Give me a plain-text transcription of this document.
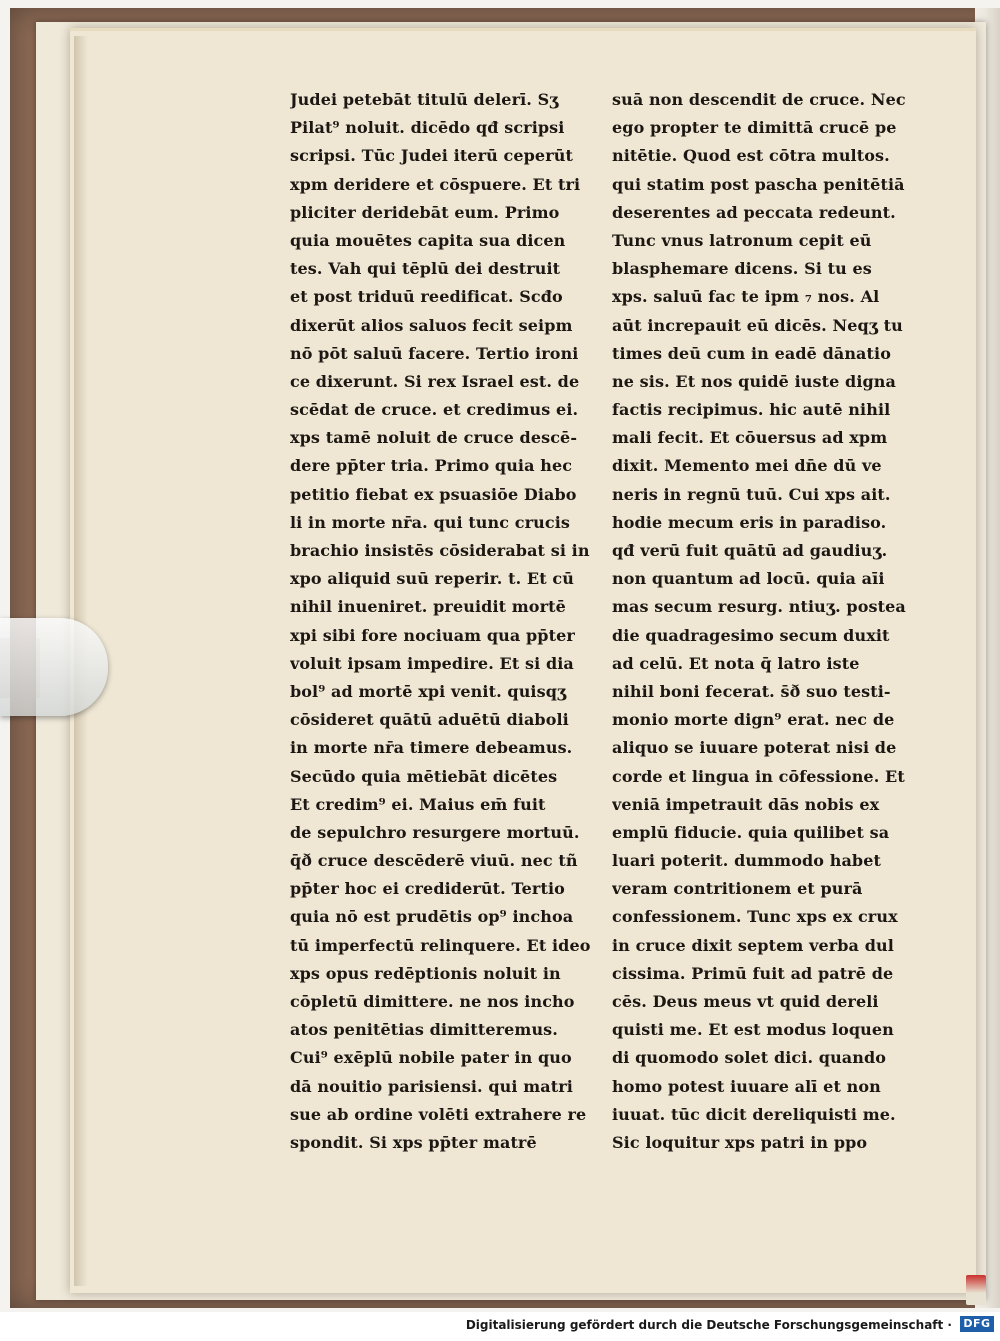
Judei petebāt titulū delerī. Sʒ
Pilat⁹ noluit. dicēdo qđ scripsi
scripsi. Tūc Judei iterū ceperūt
xpm deridere et cōspuere. Et tri
pliciter deridebāt eum. Primo
quia mouētes capita sua dicen
tes. Vah qui tēplū dei destruit
et post triduū reedificat. Scđo
dixerūt alios saluos fecit seipm
nō pōt saluū facere. Tertio ironi
ce dixerunt. Si rex Israel est. de
scēdat de cruce. et credimus ei.
xps tamē noluit de cruce descē-
dere pp̄ter tria. Primo quia hec
petitio fiebat ex psuasiōe Diabo
li in morte nr̄a. qui tunc crucis
brachio insistēs cōsiderabat si in
xpo aliquid suū reperir. t. Et cū
nihil inueniret. preuidit mortē
xpi sibi fore nociuam qua pp̄ter
voluit ipsam impedire. Et si dia
bol⁹ ad mortē xpi venit. quisqʒ
cōsideret quātū aduētū diaboli
in morte nr̄a timere debeamus.
Secūdo quia mētiebāt dicētes
Et credim⁹ ei. Maius em̄ fuit
de sepulchro resurgere mortuū.
q̄ð cruce descēderē viuū. nec tñ
pp̄ter hoc ei crediderūt. Tertio
quia nō est prudētis op⁹ inchoa
tū imperfectū relinquere. Et ideo
xps opus redēptionis noluit in
cōpletū dimittere. ne nos incho
atos penitētias dimitteremus.
Cui⁹ exēplū nobile pater in quo
dā nouitio parisiensi. qui matri
sue ab ordine volēti extrahere re
spondit. Si xps pp̄ter matrē
suā non descendit de cruce. Nec
ego propter te dimittā crucē pe
nitētie. Quod est cōtra multos.
qui statim post pascha penitētiā
deserentes ad peccata redeunt.
Tunc vnus latronum cepit eū
blasphemare dicens. Si tu es
xps. saluū fac te ipm ₇ nos. Al
aūt increpauit eū dicēs. Neqʒ tu
times deū cum in eadē dānatio
ne sis. Et nos quidē iuste digna
factis recipimus. hic autē nihil
mali fecit. Et cōuersus ad xpm
dixit. Memento mei dn̄e dū ve
neris in regnū tuū. Cui xps ait.
hodie mecum eris in paradiso.
qđ verū fuit quātū ad gaudiuʒ.
non quantum ad locū. quia aīi
mas secum resurg. ntiuʒ. postea
die quadragesimo secum duxit
ad celū. Et nota q̄ latro iste
nihil boni fecerat. s̄ð suo testi-
monio morte dign⁹ erat. nec de
aliquo se iuuare poterat nisi de
corde et lingua in cōfessione. Et
veniā impetrauit dās nobis ex
emplū fiducie. quia quilibet sa
luari poterit. dummodo habet
veram contritionem et purā
confessionem. Tunc xps ex crux
in cruce dixit septem verba dul
cissima. Primū fuit ad patrē de
cēs. Deus meus vt quid dereli
quisti me. Et est modus loquen
di quomodo solet dici. quando
homo potest iuuare alī et non
iuuat. tūc dicit dereliquisti me.
Sic loquitur xps patri in ppo
Digitalisierung gefördert durch die Deutsche Forschungsgemeinschaft ·	DFG
